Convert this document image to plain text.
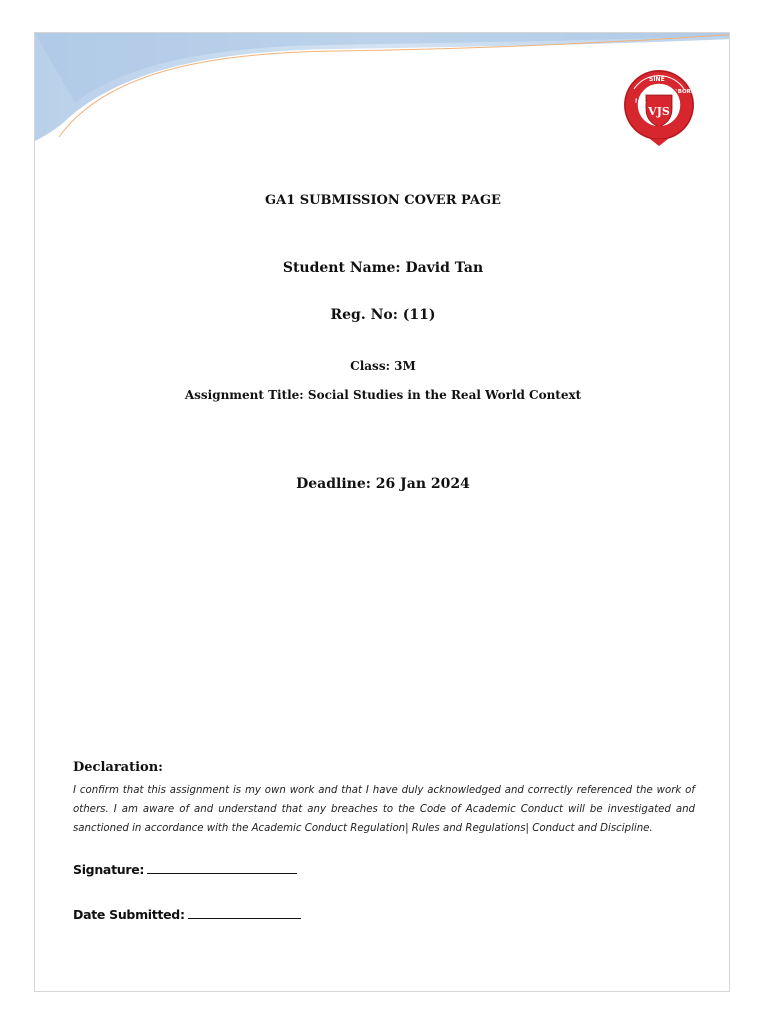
VJS
NIL
SINE
LABORE
GA1 SUBMISSION COVER PAGE
Student Name: David Tan
Reg. No: (11)
Class: 3M
Assignment Title: Social Studies in the Real World Context
Deadline: 26 Jan 2024
Declaration:
I confirm that this assignment is my own work and that I have duly acknowledged and correctly referenced the work of others. I am aware of and understand that any breaches to the Code of Academic Conduct will be investigated and sanctioned in accordance with the Academic Conduct Regulation| Rules and Regulations| Conduct and Discipline.
Signature:
Date Submitted:
